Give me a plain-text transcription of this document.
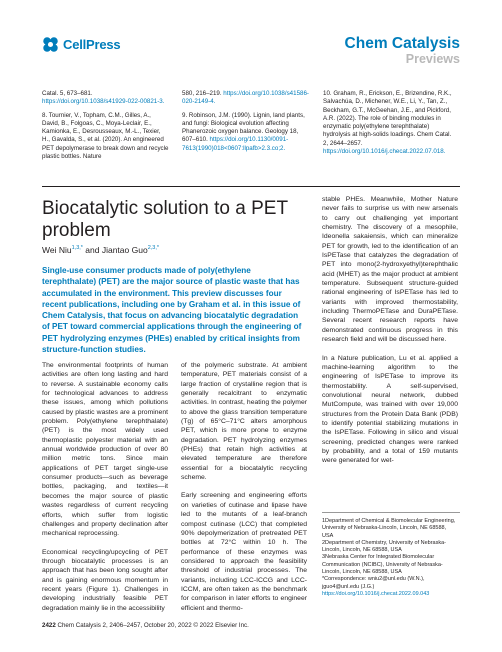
CellPress	Chem Catalysis
Previews
Catal. 5, 673–681. https://doi.org/10.1038/s41929-022-00821-3.
8. Tournier, V., Topham, C.M., Gilles, A., David, B., Folgoas, C., Moya-Leclair, E., Kamionka, E., Desrousseaux, M.-L., Texier, H., Gavalda, S., et al. (2020). An engineered PET depolymerase to break down and recycle plastic bottles. Nature
580, 216–219. https://doi.org/10.1038/s41586-020-2149-4.
9. Robinson, J.M. (1990). Lignin, land plants, and fungi: Biological evolution affecting Phanerozoic oxygen balance. Geology 18, 607–610. https://doi.org/10.1130/0091-7613(1990)018<0607:llpafb>2.3.co;2.
10. Graham, R., Erickson, E., Brizendine, R.K., Salvachúa, D., Michener, W.E., Li, Y., Tan, Z., Beckham, G.T., McGeehan, J.E., and Pickford, A.R. (2022). The role of binding modules in enzymatic poly(ethylene terephthalate) hydrolysis at high-solids loadings. Chem Catal. 2, 2644–2657. https://doi.org/10.1016/j.checat.2022.07.018.
Biocatalytic solution to a PET problem
Wei Niu$^{1,3,*}$ and Jiantao Guo$^{2,3,*}$

Single-use consumer products made of poly(ethylene terephthalate) (PET) are the major source of plastic waste that has accumulated in the environment. This preview discusses four recent publications, including one by Graham et al. in this issue of Chem Catalysis, that focus on advancing biocatalytic degradation of PET toward commercial applications through the engineering of PET hydrolyzing enzymes (PHEs) enabled by critical insights from structure-function studies.

The environmental footprints of human activities are often long lasting and hard to reverse. A sustainable economy calls for technological advances to address these issues, among which pollutions caused by plastic wastes are a prominent problem. Poly(ethylene terephthalate) (PET) is the most widely used thermoplastic polyester material with an annual worldwide production of over 80 million metric tons. Since main applications of PET target single-use consumer products—such as beverage bottles, packaging, and textiles—it becomes the major source of plastic wastes regardless of current recycling efforts, which suffer from logistic challenges and property declination after mechanical reprocessing.

Economical recycling/upcycling of PET through biocatalytic processes is an approach that has been long sought after and is gaining enormous momentum in recent years (Figure 1). Challenges in developing industrially feasible PET degradation mainly lie in the accessibility

of the polymeric substrate. At ambient temperature, PET materials consist of a large fraction of crystalline region that is generally recalcitrant to enzymatic activities. In contrast, heating the polymer to above the glass transition temperature (Tg) of 65°C–71°C alters amorphous PET, which is more prone to enzyme degradation. PET hydrolyzing enzymes (PHEs) that retain high activities at elevated temperature are therefore essential for a biocatalytic recycling scheme.

Early screening and engineering efforts on varieties of cutinase and lipase have led to the mutants of a leaf-branch compost cutinase (LCC) that completed 90% depolymerization of pretreated PET bottles at 72°C within 10 h. The performance of these enzymes was considered to approach the feasibility threshold of industrial processes. The variants, including LCC-ICCG and LCC-ICCM, are often taken as the benchmark for comparison in later efforts to engineer efficient and thermo-

stable PHEs. Meanwhile, Mother Nature never fails to surprise us with new arsenals to carry out challenging yet important chemistry. The discovery of a mesophile, Ideonella sakaiensis, which can mineralize PET for growth, led to the identification of an IsPETase that catalyzes the degradation of PET into mono(2-hydroxyethyl)terephthalic acid (MHET) as the major product at ambient temperature. Subsequent structure-guided rational engineering of IsPETase has led to variants with improved thermostability, including ThermoPETase and DuraPETase. Several recent research reports have demonstrated continuous progress in this research field and will be discussed here.

In a Nature publication, Lu et al. applied a machine-learning algorithm to the engineering of IsPETase to improve its thermostability. A self-supervised, convolutional neural network, dubbed MutCompute, was trained with over 19,000 structures from the Protein Data Bank (PDB) to identify potential stabilizing mutations in the IsPETase. Following in silico and visual screening, predicted changes were ranked by probability, and a total of 159 mutants were generated for wet-

1Department of Chemical & Biomolecular Engineering, University of Nebraska-Lincoln, Lincoln, NE 68588, USA
2Department of Chemistry, University of Nebraska-Lincoln, Lincoln, NE 68588, USA
3Nebraska Center for Integrated Biomolecular Communication (NCIBC), University of Nebraska-Lincoln, Lincoln, NE 68588, USA
*Correspondence: wniu2@unl.edu (W.N.), jguo4@unl.edu (J.G.)
https://doi.org/10.1016/j.checat.2022.09.043
2422 Chem Catalysis 2, 2406–2457, October 20, 2022 © 2022 Elsevier Inc.
